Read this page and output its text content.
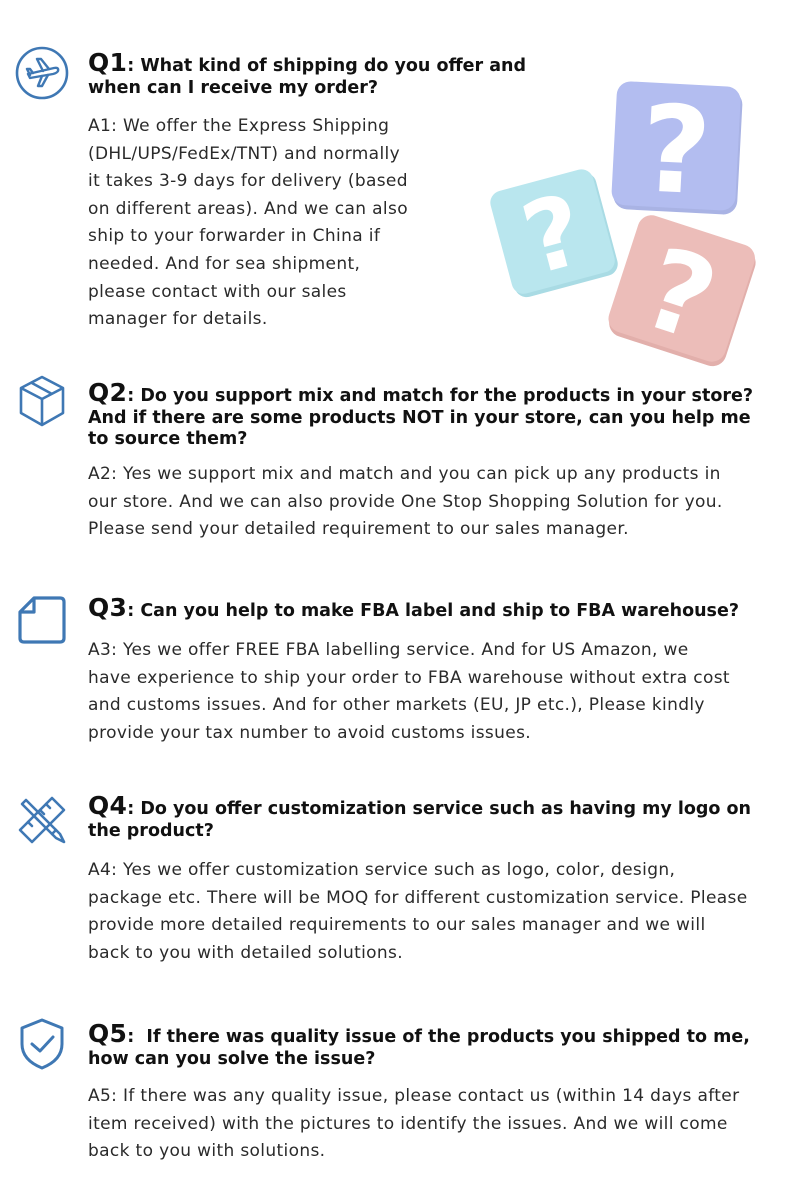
?
? ?
Q1: What kind of shipping do you offer and
when can I receive my order?
A1: We offer the Express Shipping
(DHL/UPS/FedEx/TNT) and normally
it takes 3-9 days for delivery (based
on different areas). And we can also
ship to your forwarder in China if
needed. And for sea shipment,
please contact with our sales
manager for details.
Q2: Do you support mix and match for the products in your store?
And if there are some products NOT in your store, can you help me
to source them?
A2: Yes we support mix and match and you can pick up any products in
our store. And we can also provide One Stop Shopping Solution for you.
Please send your detailed requirement to our sales manager.
Q3: Can you help to make FBA label and ship to FBA warehouse?
A3: Yes we offer FREE FBA labelling service. And for US Amazon, we
have experience to ship your order to FBA warehouse without extra cost
and customs issues. And for other markets (EU, JP etc.), Please kindly
provide your tax number to avoid customs issues.
Q4: Do you offer customization service such as having my logo on
the product?
A4: Yes we offer customization service such as logo, color, design,
package etc. There will be MOQ for different customization service. Please
provide more detailed requirements to our sales manager and we will
back to you with detailed solutions.
Q5:  If there was quality issue of the products you shipped to me,
how can you solve the issue?
A5: If there was any quality issue, please contact us (within 14 days after
item received) with the pictures to identify the issues. And we will come
back to you with solutions.
